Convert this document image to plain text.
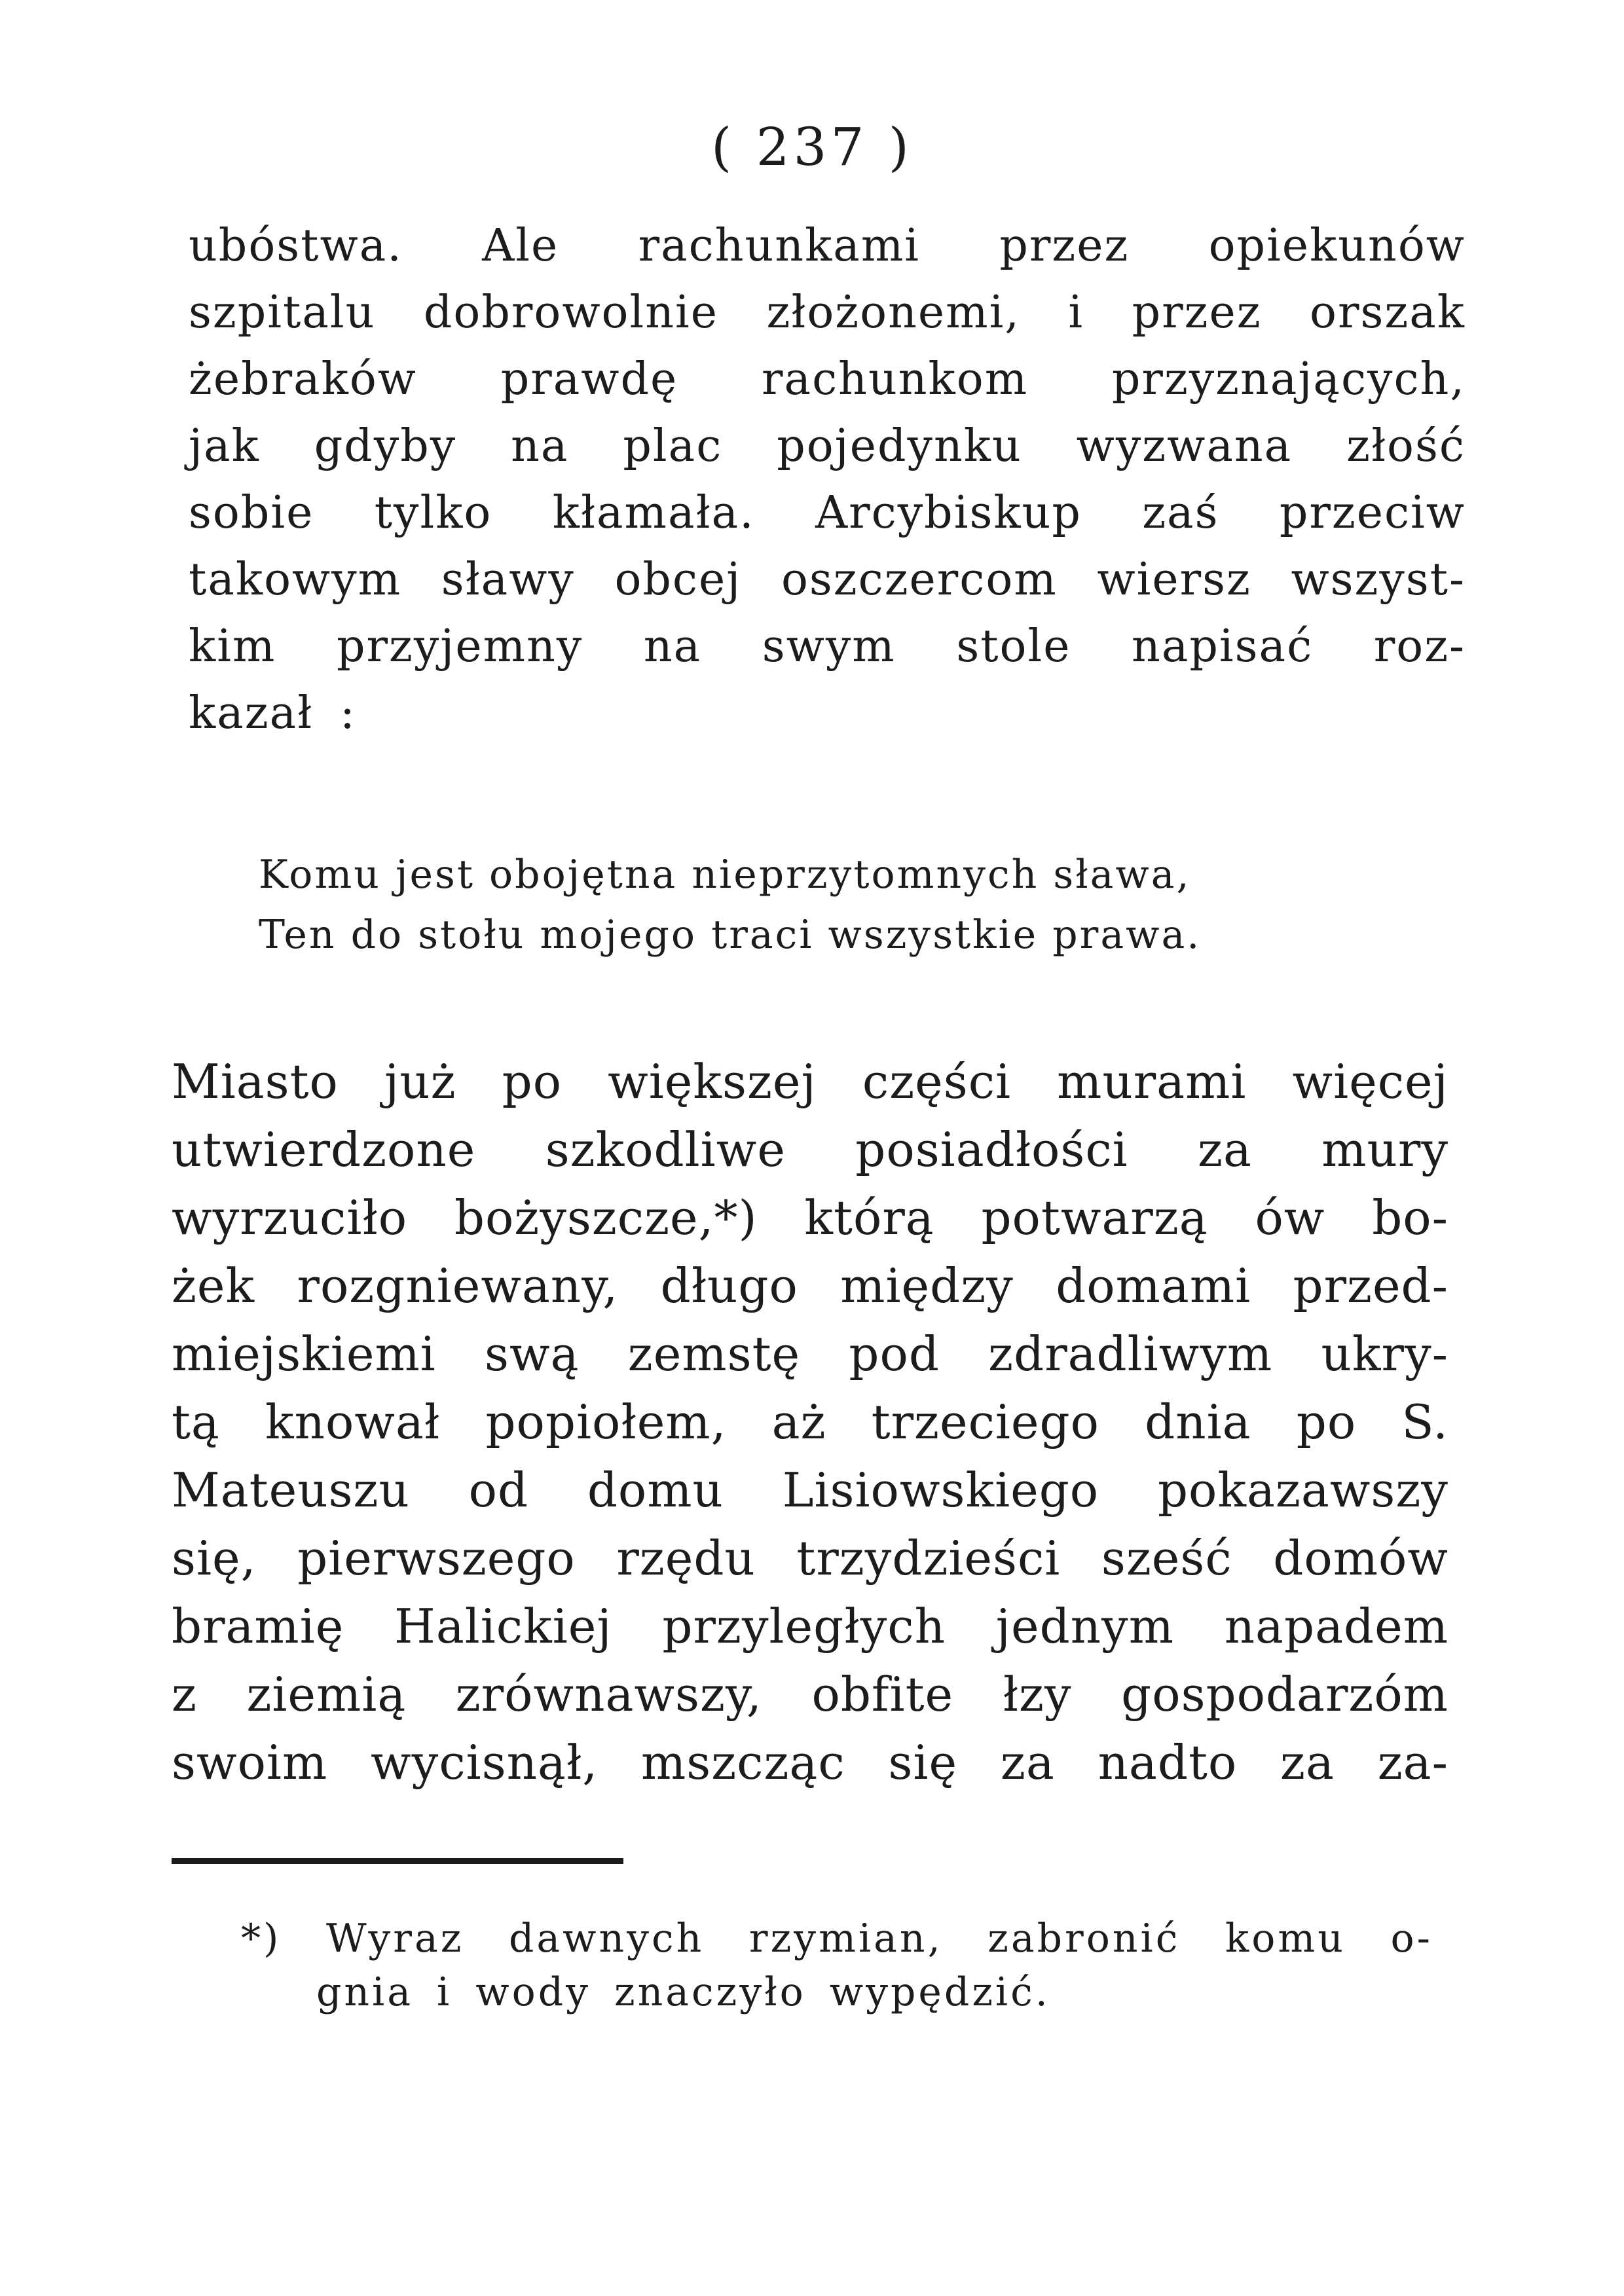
( 237 )
ubóstwa. Ale rachunkami przez opiekunów
szpitalu dobrowolnie złożonemi, i przez orszak
żebraków prawdę rachunkom przyznających,
jak gdyby na plac pojedynku wyzwana złość
sobie tylko kłamała. Arcybiskup zaś przeciw
takowym sławy obcej oszczercom wiersz wszyst-
kim przyjemny na swym stole napisać roz-
kazał :
Komu jest obojętna nieprzytomnych sława,
Ten do stołu mojego traci wszystkie prawa.
Miasto już po większej części murami więcej
utwierdzone szkodliwe posiadłości za mury
wyrzuciło bożyszcze,*) którą potwarzą ów bo-
żek rozgniewany, długo między domami przed-
miejskiemi swą zemstę pod zdradliwym ukry-
tą knował popiołem, aż trzeciego dnia po S.
Mateuszu od domu Lisiowskiego pokazawszy
się, pierwszego rzędu trzydzieści sześć domów
bramię Halickiej przyległych jednym napadem
z ziemią zrównawszy, obfite łzy gospodarzóm
swoim wycisnął, mszcząc się za nadto za za-
*) Wyraz dawnych rzymian, zabronić komu o-
gnia i wody znaczyło wypędzić.
